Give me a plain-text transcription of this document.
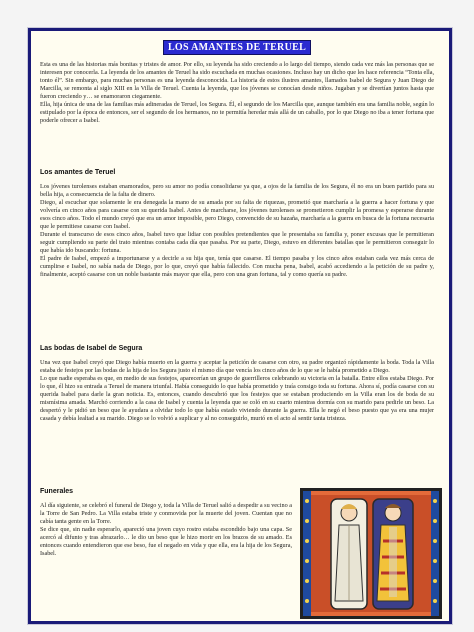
LOS AMANTES DE TERUEL
Esta es una de las historias más bonitas y tristes de amor. Por ello, su leyenda ha sido creciendo a lo largo del tiempo, siendo cada vez más las personas que se interesen por conocerla. La leyenda de los amantes de Teruel ha sido escuchada en muchas ocasiones. Incluso hay un dicho que les hace referencia “Tonta ella, tonto él”. Sin embargo, para muchas personas es una leyenda desconocida. La historia de estos ilustres amantes, llamados Isabel de Segura y Juan Diego de Marcilla, se remonta al siglo XIII en la Villa de Teruel. Cuenta la leyenda, que los jóvenes se conocían desde niños. Jugaban y se divertían juntos hasta que fueron creciendo y… se enamoraron ciegamente.
Ella, hija única de una de las familias más adineradas de Teruel, los Segura. Él, el segundo de los Marcilla que, aunque también era una familia noble, según lo estipulado por la época de entonces, ser el segundo de los hermanos, no te permitía heredar más allá de un caballo, por lo que Diego no iba a tener fortuna que poderle ofrecer a Isabel.
Los amantes de Teruel
Los jóvenes turolenses estaban enamorados, pero su amor no podía consolidarse ya que, a ojos de la familia de los Segura, él no era un buen partido para su bella hija, a consecuencia de la falta de dinero.
Diego, al escuchar que solamente le era denegada la mano de su amada por su falta de riquezas, prometió que marcharía a la guerra a hacer fortuna y que volvería en cinco años para casarse con su querida Isabel. Antes de marcharse, los jóvenes turolenses se prometieron cumplir la promesa y esperarse durante esos cinco años. Todo el mundo creyó que era un amor imposible, pero Diego, convencido de su hazaña, marcharía a la guerra en busca de la fortuna necesaria que le permitiese casarse con Isabel.
Durante el transcurso de esos cinco años, Isabel tuvo que lidiar con posibles pretendientes que le presentaba su familia y, poner excusas que le permitieran seguir cumpliendo su parte del trato mientras contaba cada día que pasaba. Por su parte, Diego, estuvo en diferentes batallas que le permitieron conseguir lo que había ido buscando: fortuna.
El padre de Isabel, empezó a importunarse y a decirle a su hija que, tenía que casarse. El tiempo pasaba y los cinco años estaban cada vez más cerca de cumplirse e Isabel, no sabía nada de Diego, por lo que, creyó que había fallecido. Con mucha pena, Isabel, acabó accediendo a la petición de su padre y, finalmente, aceptó casarse con un noble bastante más mayor que ella, pero con una gran fortuna, tal y como quería su padre.
Las bodas de Isabel de Segura
Una vez que Isabel creyó que Diego había muerto en la guerra y aceptar la petición de casarse con otro, su padre organizó rápidamente la boda. Toda la Villa estaba de festejos por las bodas de la hija de los Segura justo el mismo día que vencía los cinco años de lo que se le había prometido a Diego.
Lo que nadie esperaba es que, en medio de sus festejos, aparecerían un grupo de guerrilleros celebrando su victoria en la batalla. Entre ellos estaba Diego. Por lo que, él hizo su entrada a Teruel de manera triunfal. Había conseguido lo que había prometido y traía consigo toda su fortuna. Ahora sí, podía casarse con su querida Isabel para darle la gran noticia. Es, entonces, cuando descubrió que los festejos que se estaban produciendo en la Villa eran los de boda de su mismísima amada. Marchó corriendo a la casa de Isabel y cuenta la leyenda que se coló en su cuarto mientras dormía con su marido para pedirle un beso. La despertó y le pidió un beso que le ayudara a olvidar todo lo que había estado viviendo durante la guerra. Ella le negó el beso puesto que ya era una mujer casada y debía lealtad a su marido. Diego se lo volvió a suplicar y al no conseguirlo, murió en el acto al sentir tanta tristeza.
Funerales
Al día siguiente, se celebró el funeral de Diego y, toda la Villa de Teruel salió a despedir a su vecino a la Torre de San Pedro. La Villa estaba triste y conmovida por la muerte del joven. Cuentan que no cabía tanta gente en la Torre.
Se dice que, sin nadie esperarlo, apareció una joven cuyo rostro estaba escondido bajo una capa. Se acercó al difunto y tras abrazarlo… le dio un beso que le hizo morir en los brazos de su amado. Es entonces cuando entendieron que ese beso, fue el negado en vida y que ella, era la hija de los Segura, Isabel.
